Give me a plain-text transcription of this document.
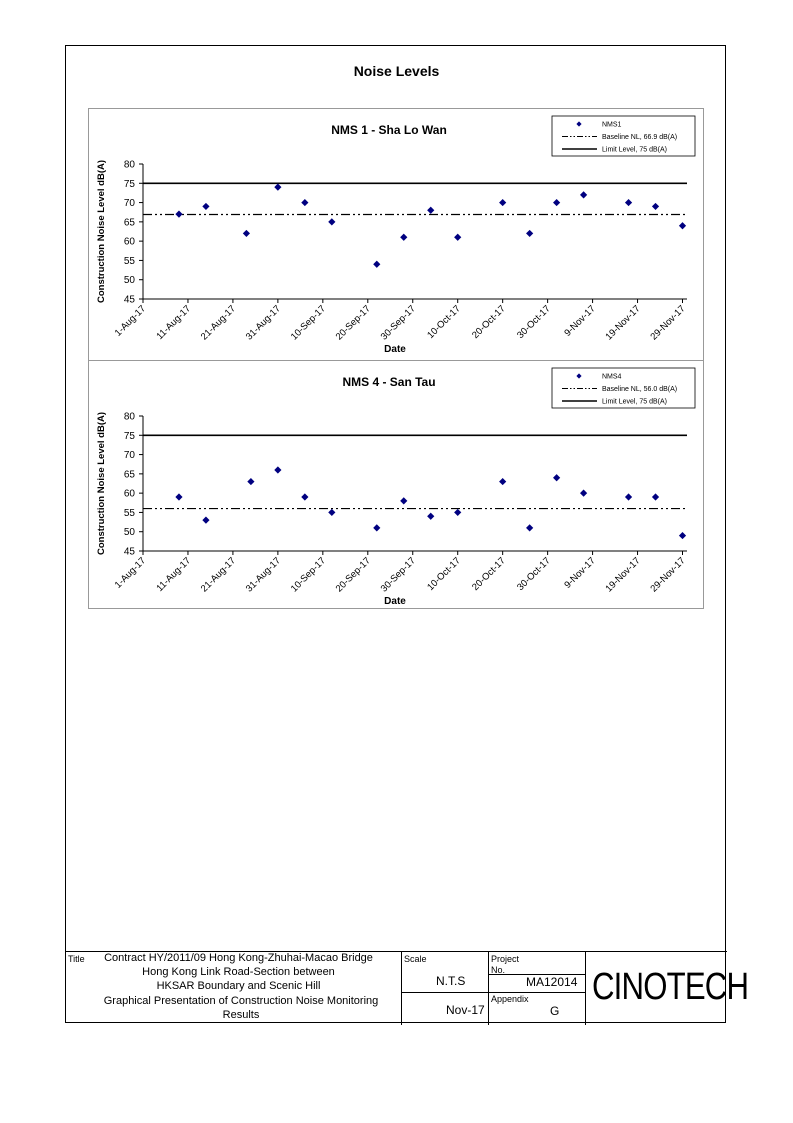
Noise Levels
NMS 1 - Sha Lo Wan
45
50
55
60
65
70
75
80
1-Aug-17 11-Aug-17 21-Aug-17 31-Aug-17 10-Sep-17 20-Sep-17 30-Sep-17 10-Oct-17 20-Oct-17 30-Oct-17 9-Nov-17 19-Nov-17 29-Nov-17
Date
Construction Noise Level dB(A)
NMS1
Baseline NL, 66.9 dB(A)
Limit Level, 75 dB(A)
NMS 4 - San Tau
45
50
55
60
65
70
75
80
1-Aug-17 11-Aug-17 21-Aug-17 31-Aug-17 10-Sep-17 20-Sep-17 30-Sep-17 10-Oct-17 20-Oct-17 30-Oct-17 9-Nov-17 19-Nov-17 29-Nov-17
Date
Construction Noise Level dB(A)
NMS4
Baseline NL, 56.0 dB(A)
Limit Level, 75 dB(A)
Title	Contract HY/2011/09 Hong Kong-Zhuhai-Macao Bridge
Hong Kong Link Road-Section between
HKSAR Boundary and Scenic Hill
Graphical Presentation of Construction Noise Monitoring
Results
Scale
N.T.S
Nov-17
Project
No.
MA12014
Appendix
G
CINOTECH
